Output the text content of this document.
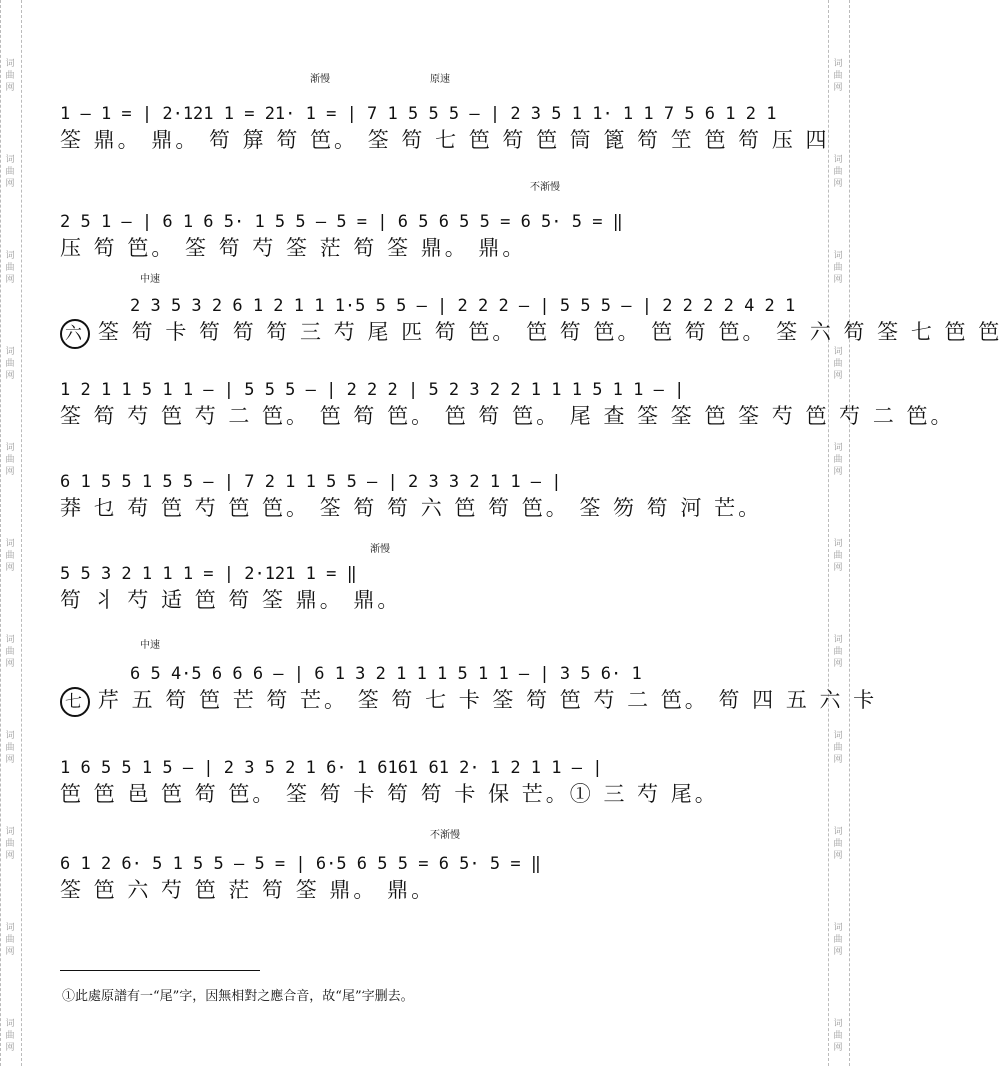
词
曲
网
词
曲
网
词
曲
网
词
曲
网
词
曲
网
词
曲
网
词
曲
网
词
曲
网
词
曲
网
词
曲
网
词
曲
网
词
曲
网
词
曲
网
词
曲
网
词
曲
网
词
曲
网
词
曲
网
词
曲
网
词
曲
网
词
曲
网
词
曲
网
词
曲
网
渐慢	原速
1 — 1 = | 2·121 1 = 21· 1 = | 7 1 5 5 5 — | 2 3 5 1 1· 1 1 7 5 6 1 2 1
筌 鼎。 鼎。 笱 箳 笱 笆。 筌 笱 七 笆 笱 笆 筒 篦 笱 笁 笆 笱 压 四
不渐慢
2 5 1 — | 6 1 6 5· 1 5 5 — 5 = | 6 5 6 5 5 = 6 5· 5 = ‖
压 笱 笆。 筌 笱 芍 筌 茫 笱 筌 鼎。 鼎。
中速
2 3 5 3 2 6 1 2 1 1 1·5 5 5 — | 2 2 2 — | 5 5 5 — | 2 2 2 2 4 2 1
六 筌 笱 卡 笱 笱 笱 三 芍 尾 匹 笱 笆。 笆 笱 笆。 笆 笱 笆。 筌 六 笱 筌 七 笆 笆
1 2 1 1 5 1 1 — | 5 5 5 — | 2 2 2 | 5 2 3 2 2 1 1 1 5 1 1 — |
筌 笱 芍 笆 芍 二 笆。 笆 笱 笆。 笆 笱 笆。 尾 查 筌 筌 笆 筌 芍 笆 芍 二 笆。
6 1 5 5 1 5 5 — | 7 2 1 1 5 5 — | 2 3 3 2 1 1 — |
莽 乜 苟 笆 芍 笆 笆。 筌 笱 笱 六 笆 笱 笆。 筌 笏 笱 河 芒。
渐慢
5 5 3 2 1 1 1 = | 2·121 1 = ‖
笱 丬 芍 适 笆 笱 筌 鼎。 鼎。
中速
6 5 4·5 6 6 6 — | 6 1 3 2 1 1 1 5 1 1 — | 3 5 6· 1
七 芹 五 笱 笆 芒 笱 芒。 筌 笱 七 卡 筌 笱 笆 芍 二 笆。 笱 四 五 六 卡
1 6 5 5 1 5 — | 2 3 5 2 1 6· 1 6161 61 2· 1 2 1 1 — |
笆 笆 邑 笆 笱 笆。 筌 笱 卡 笱 笱 卡 保 芒。① 三 芍 尾。
不渐慢
6 1 2 6· 5 1 5 5 — 5 = | 6·5 6 5 5 = 6 5· 5 = ‖
筌 笆 六 芍 笆 茫 笱 筌 鼎。 鼎。
①此處原譜有一“尾”字，因無相對之應合音，故“尾”字删去。
